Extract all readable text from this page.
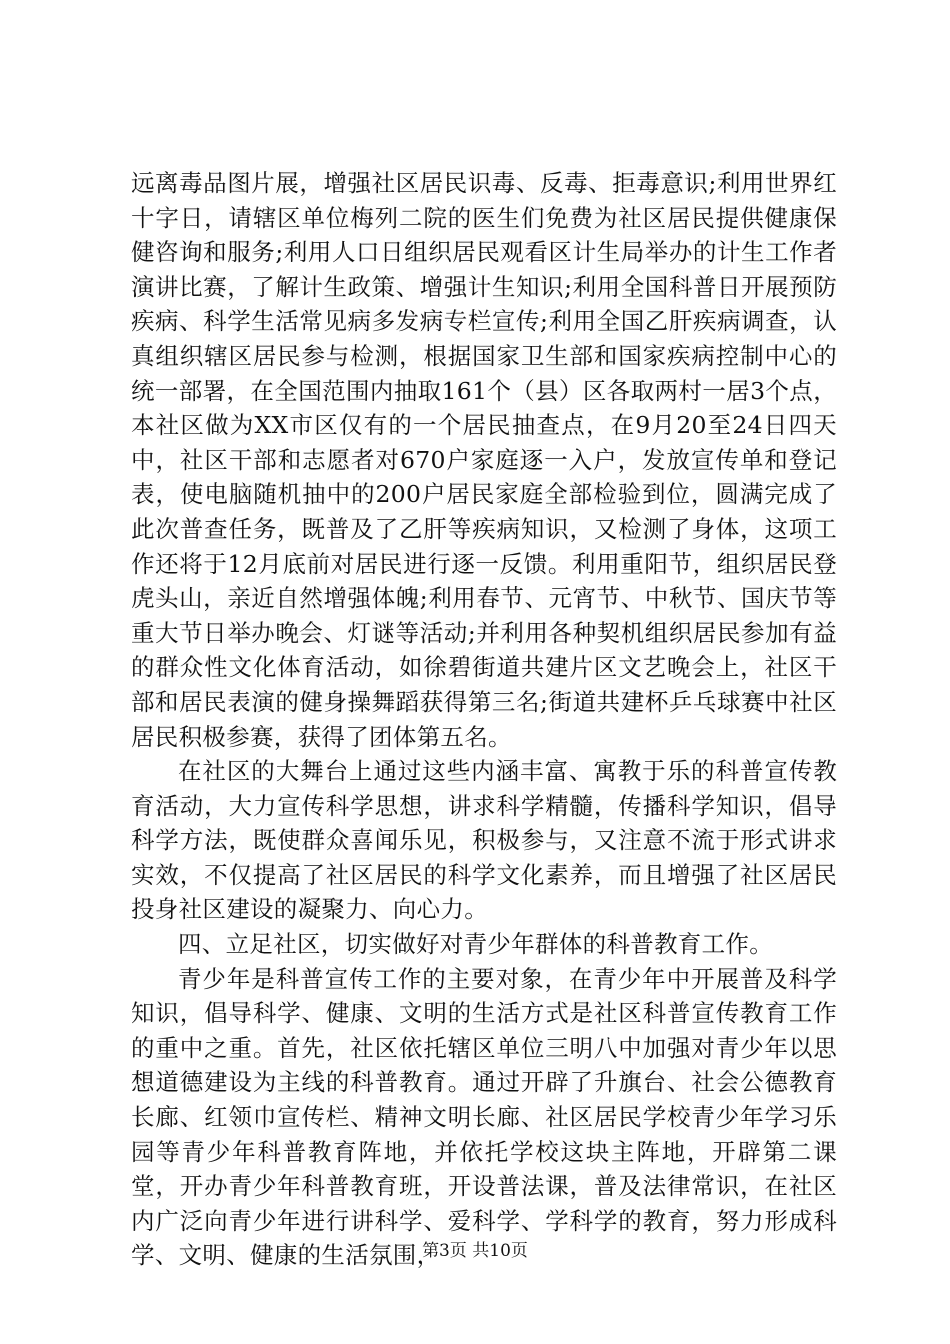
远离毒品图片展，增强社区居民识毒、反毒、拒毒意识;利用世界红十字日，请辖区单位梅列二院的医生们免费为社区居民提供健康保健咨询和服务;利用人口日组织居民观看区计生局举办的计生工作者演讲比赛，了解计生政策、增强计生知识;利用全国科普日开展预防疾病、科学生活常见病多发病专栏宣传;利用全国乙肝疾病调查，认真组织辖区居民参与检测，根据国家卫生部和国家疾病控制中心的统一部署，在全国范围内抽取161个（县）区各取两村一居3个点，本社区做为XX市区仅有的一个居民抽查点，在9月20至24日四天中，社区干部和志愿者对670户家庭逐一入户，发放宣传单和登记表，使电脑随机抽中的200户居民家庭全部检验到位，圆满完成了此次普查任务，既普及了乙肝等疾病知识，又检测了身体，这项工作还将于12月底前对居民进行逐一反馈。利用重阳节，组织居民登虎头山，亲近自然增强体魄;利用春节、元宵节、中秋节、国庆节等重大节日举办晚会、灯谜等活动;并利用各种契机组织居民参加有益的群众性文化体育活动，如徐碧街道共建片区文艺晚会上，社区干部和居民表演的健身操舞蹈获得第三名;街道共建杯乒乓球赛中社区居民积极参赛，获得了团体第五名。

在社区的大舞台上通过这些内涵丰富、寓教于乐的科普宣传教育活动，大力宣传科学思想，讲求科学精髓，传播科学知识，倡导科学方法，既使群众喜闻乐见，积极参与，又注意不流于形式讲求实效，不仅提高了社区居民的科学文化素养，而且增强了社区居民投身社区建设的凝聚力、向心力。

四、立足社区，切实做好对青少年群体的科普教育工作。

青少年是科普宣传工作的主要对象，在青少年中开展普及科学知识，倡导科学、健康、文明的生活方式是社区科普宣传教育工作的重中之重。首先，社区依托辖区单位三明八中加强对青少年以思想道德建设为主线的科普教育。通过开辟了升旗台、社会公德教育长廊、红领巾宣传栏、精神文明长廊、社区居民学校青少年学习乐园等青少年科普教育阵地，并依托学校这块主阵地，开辟第二课堂，开办青少年科普教育班，开设普法课，普及法律常识，在社区内广泛向青少年进行讲科学、爱科学、学科学的教育，努力形成科学、文明、健康的生活氛围，

第3页 共10页
